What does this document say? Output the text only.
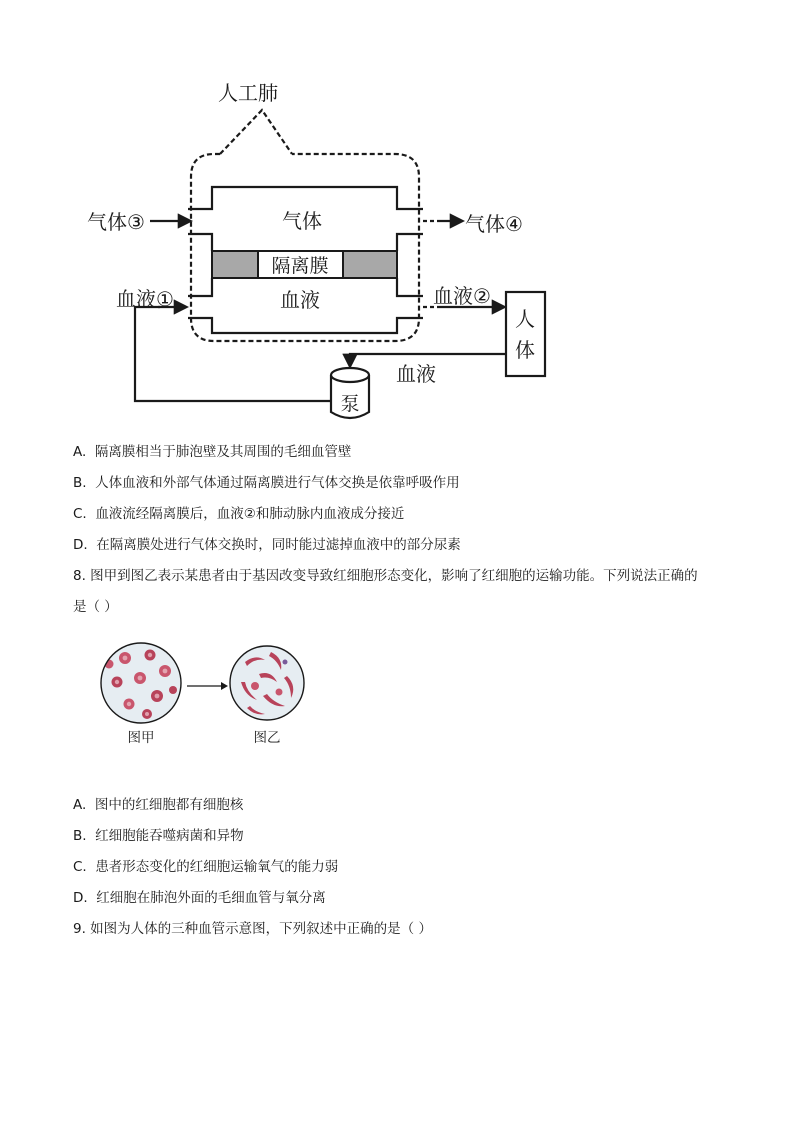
人工肺
隔离膜
气体
血液
气体③	气体④
血液①	血液②
人
体
血液
泵
A. 隔离膜相当于肺泡壁及其周围的毛细血管壁
B. 人体血液和外部气体通过隔离膜进行气体交换是依靠呼吸作用
C. 血液流经隔离膜后，血液②和肺动脉内血液成分接近
D. 在隔离膜处进行气体交换时，同时能过滤掉血液中的部分尿素
8. 图甲到图乙表示某患者由于基因改变导致红细胞形态变化，影响了红细胞的运输功能。下列说法正确的
是（ ）
图甲	图乙
A. 图中的红细胞都有细胞核
B. 红细胞能吞噬病菌和异物
C. 患者形态变化的红细胞运输氧气的能力弱
D. 红细胞在肺泡外面的毛细血管与氧分离
9. 如图为人体的三种血管示意图，下列叙述中正确的是（ ）
